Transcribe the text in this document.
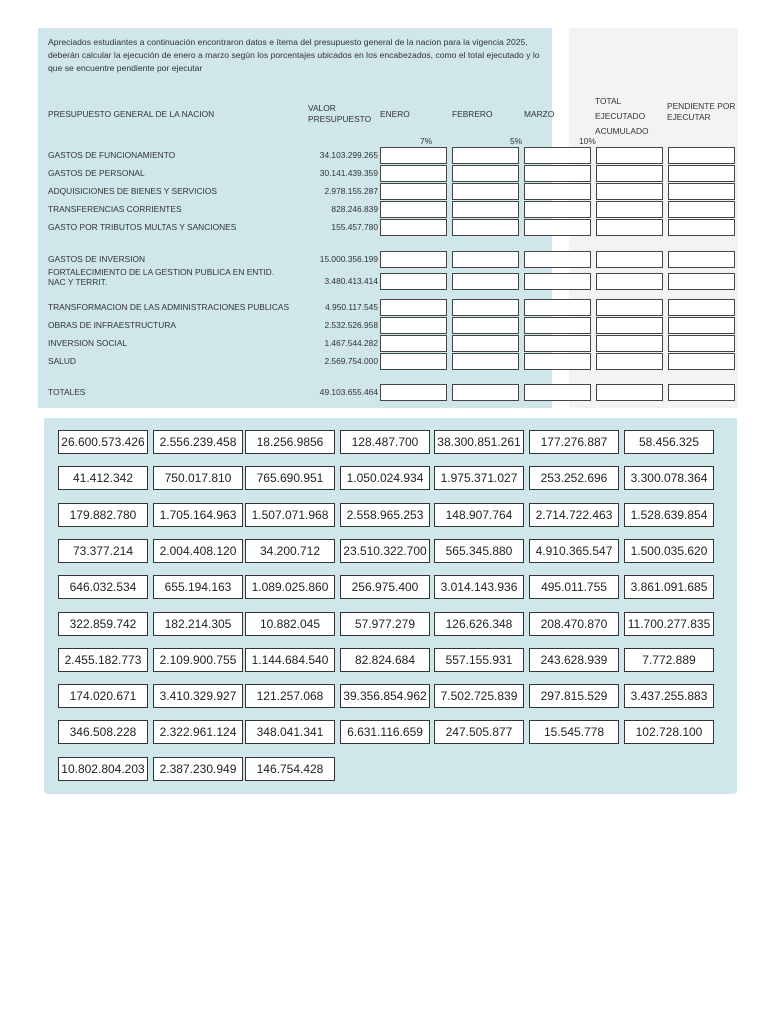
Apreciados estudiantes a continuación encontraron datos e ítema del presupuesto general de la nacion para la vigencia 2025, deberán calcular la ejecución de enero a marzo según los porcentajes ubicados en los encabezados, como el total ejecutado y lo que se encuentre pendiente por ejecutar
PRESUPUESTO GENERAL DE LA NACION
VALOR PRESUPUESTO	ENERO	FEBRERO	MARZO
TOTAL EJECUTADO ACUMULADO
PENDIENTE POR EJECUTAR
7%	5%	10%
GASTOS DE FUNCIONAMIENTO	34.103.299.265
GASTOS DE PERSONAL	30.141.439.359
ADQUISICIONES DE BIENES Y SERVICIOS	2.978.155.287
TRANSFERENCIAS CORRIENTES	828.246.839
GASTO POR TRIBUTOS MULTAS Y SANCIONES	155.457.780
GASTOS DE INVERSION	15.000.356.199
FORTALECIMIENTO DE LA GESTION PUBLICA EN ENTID. NAC Y TERRIT.	3.480.413.414
TRANSFORMACION DE LAS ADMINISTRACIONES PUBLICAS	4.950.117.545
OBRAS DE INFRAESTRUCTURA	2.532.526.958
INVERSION SOCIAL	1.467.544.282
SALUD	2.569.754.000
TOTALES	49.103.655.464
26.600.573.426	2.556.239.458	18.256.9856	128.487.700	38.300.851.261	177.276.887	58.456.325
41.412.342	750.017.810	765.690.951	1.050.024.934	1.975.371.027	253.252.696	3.300.078.364
179.882.780	1.705.164.963	1.507.071.968	2.558.965.253	148.907.764	2.714.722.463	1.528.639.854
73.377.214	2.004.408.120	34.200.712	23.510.322.700	565.345.880	4.910.365.547	1.500.035.620
646.032.534	655.194.163	1.089.025.860	256.975.400	3.014.143.936	495.011.755	3.861.091.685
322.859.742	182.214.305	10.882.045	57.977.279	126.626.348	208.470.870	11.700.277.835
2.455.182.773	2.109.900.755	1.144.684.540	82.824.684	557.155.931	243.628.939	7.772.889
174.020.671	3.410.329.927	121.257.068	39.356.854.962	7.502.725.839	297.815.529	3.437.255.883
346.508.228	2.322.961.124	348.041.341	6.631.116.659	247.505.877	15.545.778	102.728.100
10.802.804.203	2.387.230.949	146.754.428
